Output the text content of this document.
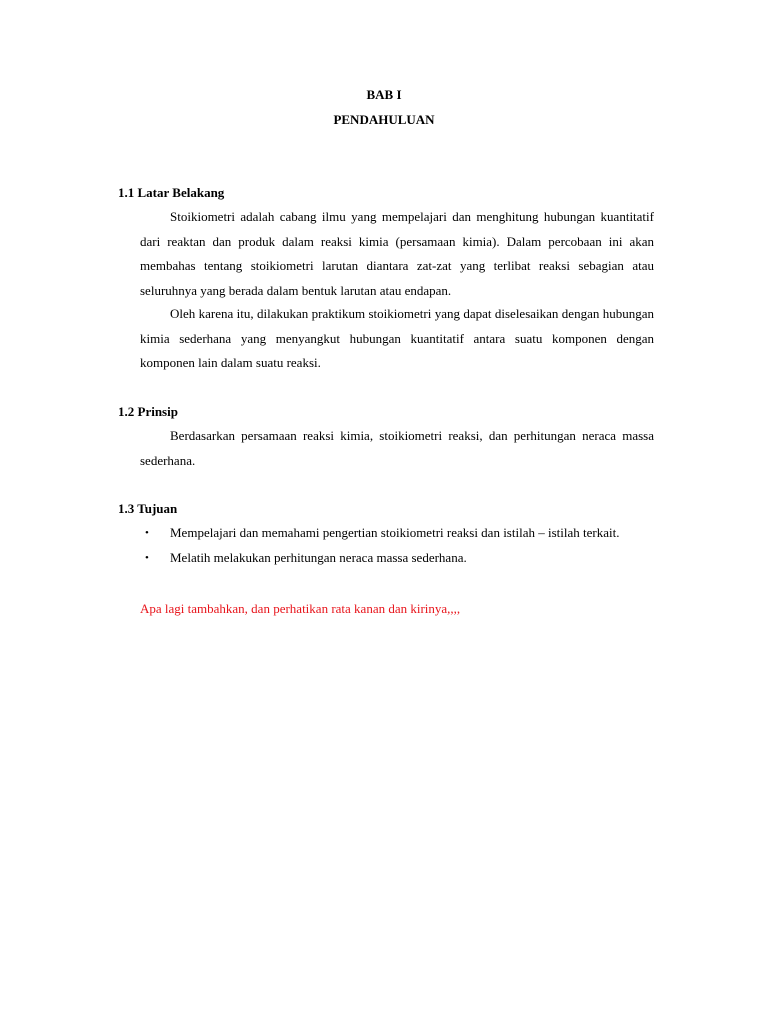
BAB I
PENDAHULUAN
1.1 Latar Belakang

Stoikiometri adalah cabang ilmu yang mempelajari dan menghitung hubungan kuantitatif dari reaktan dan produk dalam reaksi kimia (persamaan kimia). Dalam percobaan ini akan membahas tentang stoikiometri larutan diantara zat-zat yang terlibat reaksi sebagian atau seluruhnya yang berada dalam bentuk larutan atau endapan.

Oleh karena itu, dilakukan praktikum stoikiometri yang dapat diselesaikan dengan hubungan kimia sederhana yang menyangkut hubungan kuantitatif antara suatu komponen dengan komponen lain dalam suatu reaksi.

1.2 Prinsip

Berdasarkan persamaan reaksi kimia, stoikiometri reaksi, dan perhitungan neraca massa sederhana.

1.3 Tujuan
• Mempelajari dan memahami pengertian stoikiometri reaksi dan istilah – istilah terkait.
• Melatih melakukan perhitungan neraca massa sederhana.
Apa lagi tambahkan, dan perhatikan rata kanan dan kirinya,,,,
